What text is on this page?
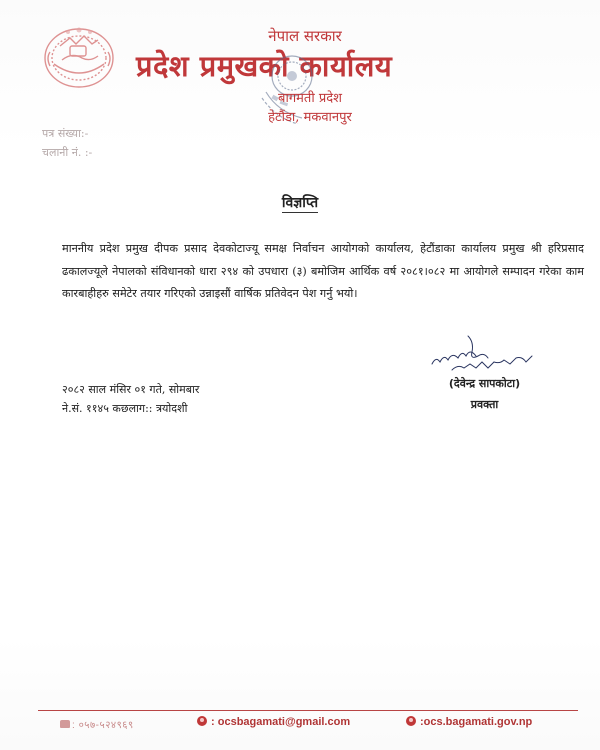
नेपाल सरकार
प्रदेश प्रमुखको कार्यालय
बागमती प्रदेश
हेटौंडा, मकवानपुर
पत्र संख्या:-
चलानी नं. :-
विज्ञप्ति
माननीय प्रदेश प्रमुख दीपक प्रसाद देवकोटाज्यू समक्ष निर्वाचन आयोगको कार्यालय, हेटौंडाका कार्यालय प्रमुख श्री हरिप्रसाद ढकालज्यूले नेपालको संविधानको धारा २९४ को उपधारा (३) बमोजिम आर्थिक वर्ष २०८१।०८२ मा आयोगले सम्पादन गरेका काम कारबाहीहरु समेटेर तयार गरिएको उन्नाइसौं वार्षिक प्रतिवेदन पेश गर्नु भयो।
(देवेन्द्र सापकोटा)
प्रवक्ता
२०८२ साल मंसिर ०१ गते, सोमबार
ने.सं. ११४५ कछलाग:: त्रयोदशी
: ०५७-५२४९६९	: ocsbagamati@gmail.com	:ocs.bagamati.gov.np
